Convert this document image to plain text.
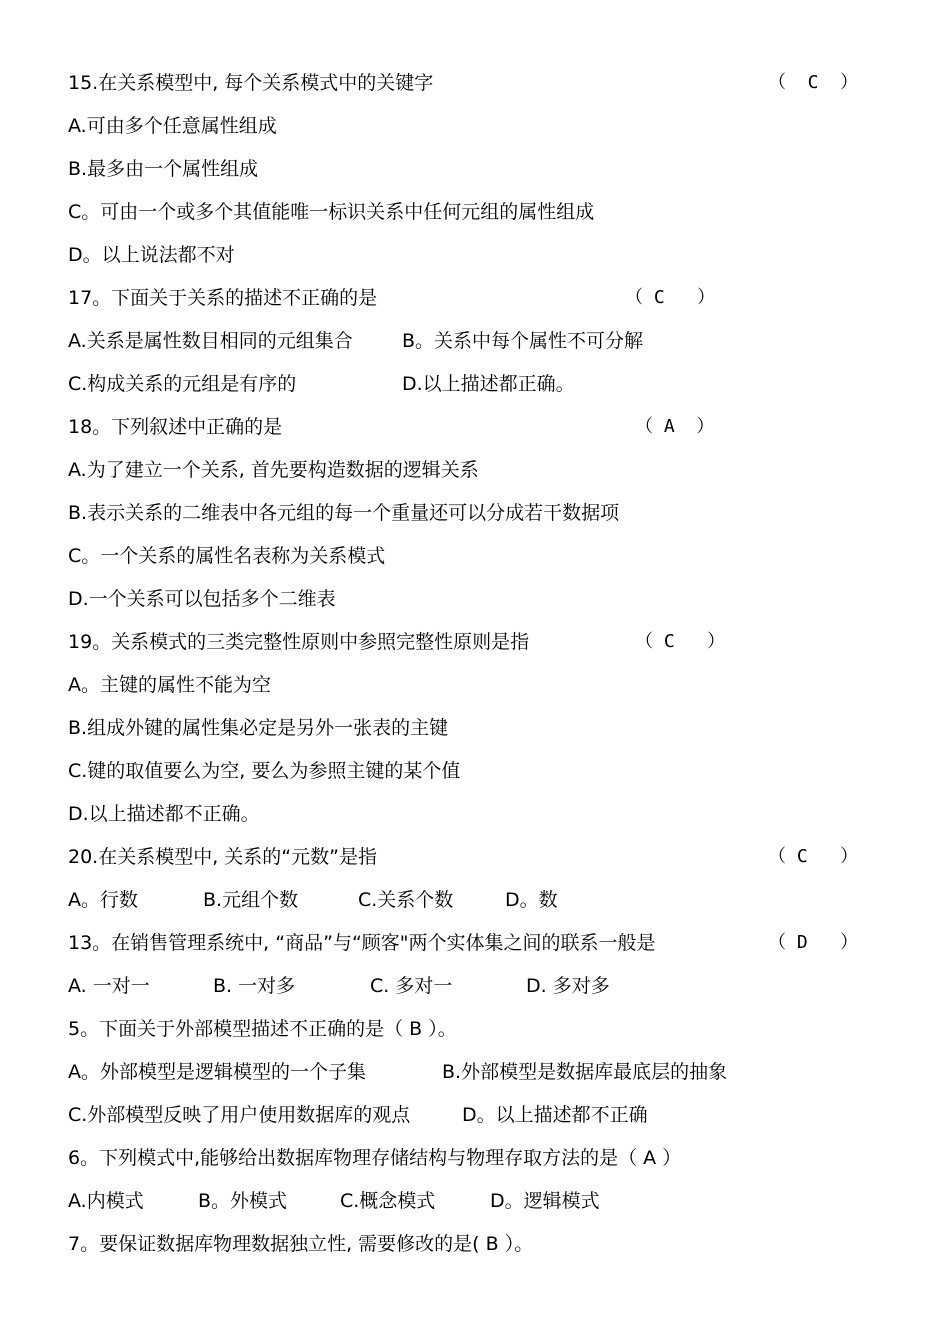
15.在关系模型中, 每个关系模式中的关键字	（  C  ）
A.可由多个任意属性组成
B.最多由一个属性组成
C。可由一个或多个其值能唯一标识关系中任何元组的属性组成
D。以上说法都不对
17。下面关于关系的描述不正确的是	（ C   ）
A.关系是属性数目相同的元组集合	B。关系中每个属性不可分解
C.构成关系的元组是有序的	D.以上描述都正确。
18。下列叙述中正确的是	（ A  ）
A.为了建立一个关系, 首先要构造数据的逻辑关系
B.表示关系的二维表中各元组的每一个重量还可以分成若干数据项
C。一个关系的属性名表称为关系模式
D.一个关系可以包括多个二维表
19。关系模式的三类完整性原则中参照完整性原则是指	（ C   ）
A。主键的属性不能为空
B.组成外键的属性集必定是另外一张表的主键
C.键的取值要么为空, 要么为参照主键的某个值
D.以上描述都不正确。
20.在关系模型中, 关系的“元数”是指	（ C   ）
A。行数	B.元组个数	C.关系个数	D。数
13。在销售管理系统中, “商品”与“顾客"两个实体集之间的联系一般是	（ D   ）
A. 一对一	B. 一对多	C. 多对一	D. 多对多
5。下面关于外部模型描述不正确的是（ B ）。
A。外部模型是逻辑模型的一个子集	B.外部模型是数据库最底层的抽象
C.外部模型反映了用户使用数据库的观点	D。以上描述都不正确
6。下列模式中,能够给出数据库物理存储结构与物理存取方法的是（ A ）
A.内模式	B。外模式	C.概念模式	D。逻辑模式
7。要保证数据库物理数据独立性, 需要修改的是( B ）。
